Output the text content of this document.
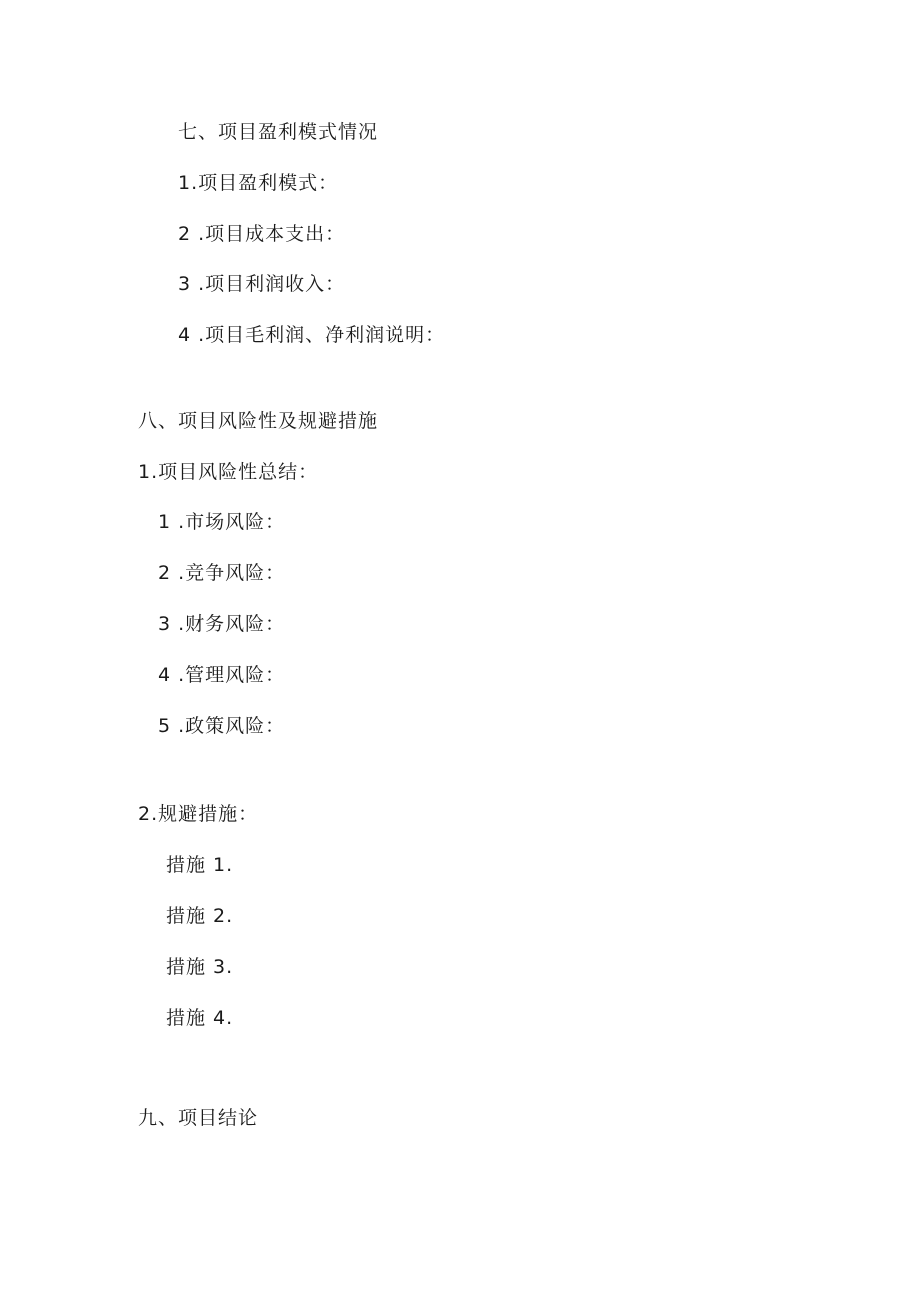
七、项目盈利模式情况
1.项目盈利模式：
2 .项目成本支出：
3 .项目利润收入：
4 .项目毛利润、净利润说明：
八、项目风险性及规避措施
1.项目风险性总结：
1 .市场风险：
2 .竞争风险：
3 .财务风险：
4 .管理风险：
5 .政策风险：
2.规避措施：
措施 1.
措施 2.
措施 3.
措施 4.
九、项目结论
